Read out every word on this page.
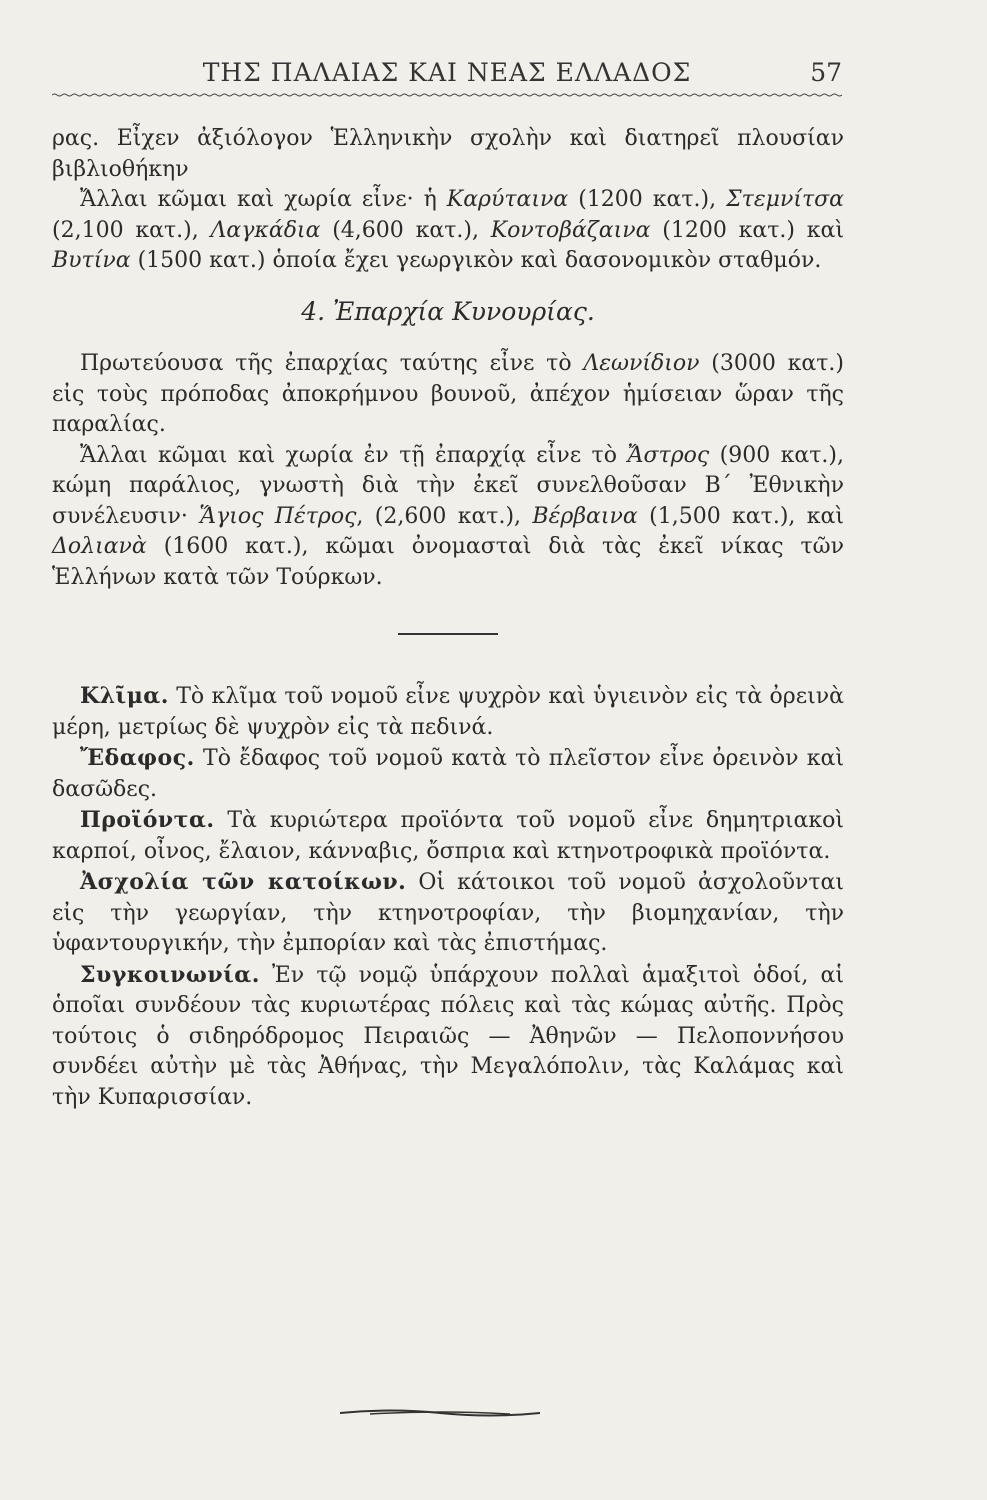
ΤΗΣ ΠΑΛΑΙΑΣ ΚΑΙ ΝΕΑΣ ΕΛΛΑΔΟΣ	57

ρας. Εἶχεν ἀξιόλογον Ἑλληνικὴν σχολὴν καὶ διατηρεῖ πλουσίαν βιβλιοθήκην

Ἄλλαι κῶμαι καὶ χωρία εἶνε· ἡ Καρύταινα (1200 κατ.), Στεμνίτσα (2,100 κατ.), Λαγκάδια (4,600 κατ.), Κοντοβάζαινα (1200 κατ.) καὶ Βυτίνα (1500 κατ.) ὁποία ἔχει γεωργικὸν καὶ δασονομικὸν σταθμόν.

4. Ἐπαρχία Κυνουρίας.

Πρωτεύουσα τῆς ἐπαρχίας ταύτης εἶνε τὸ Λεωνίδιον (3000 κατ.) εἰς τοὺς πρόποδας ἀποκρήμνου βουνοῦ, ἀπέχον ἡμίσειαν ὥραν τῆς παραλίας.

Ἄλλαι κῶμαι καὶ χωρία ἐν τῇ ἐπαρχίᾳ εἶνε τὸ Ἄστρος (900 κατ.), κώμη παράλιος, γνωστὴ διὰ τὴν ἐκεῖ συνελθοῦσαν Β΄ Ἐθνικὴν συνέλευσιν· Ἅγιος Πέτρος, (2,600 κατ.), Βέρβαινα (1,500 κατ.), καὶ Δολιανὰ (1600 κατ.), κῶμαι ὀνομασταὶ διὰ τὰς ἐκεῖ νίκας τῶν Ἑλλήνων κατὰ τῶν Τούρκων.

Κλῖμα. Τὸ κλῖμα τοῦ νομοῦ εἶνε ψυχρὸν καὶ ὑγιεινὸν εἰς τὰ ὀρεινὰ μέρη, μετρίως δὲ ψυχρὸν εἰς τὰ πεδινά.

Ἔδαφος. Τὸ ἔδαφος τοῦ νομοῦ κατὰ τὸ πλεῖστον εἶνε ὀρεινὸν καὶ δασῶδες.

Προϊόντα. Τὰ κυριώτερα προϊόντα τοῦ νομοῦ εἶνε δημητριακοὶ καρποί, οἶνος, ἔλαιον, κάνναβις, ὄσπρια καὶ κτηνοτροφικὰ προϊόντα.

Ἀσχολία τῶν κατοίκων. Οἱ κάτοικοι τοῦ νομοῦ ἀσχολοῦνται εἰς τὴν γεωργίαν, τὴν κτηνοτροφίαν, τὴν βιομηχανίαν, τὴν ὑφαντουργικήν, τὴν ἐμπορίαν καὶ τὰς ἐπιστήμας.

Συγκοινωνία. Ἐν τῷ νομῷ ὑπάρχουν πολλαὶ ἁμαξιτοὶ ὁδοί, αἱ ὁποῖαι συνδέουν τὰς κυριωτέρας πόλεις καὶ τὰς κώμας αὐτῆς. Πρὸς τούτοις ὁ σιδηρόδρομος Πειραιῶς — Ἀθηνῶν — Πελοποννήσου συνδέει αὐτὴν μὲ τὰς Ἀθήνας, τὴν Μεγαλόπολιν, τὰς Καλάμας καὶ τὴν Κυπαρισσίαν.
